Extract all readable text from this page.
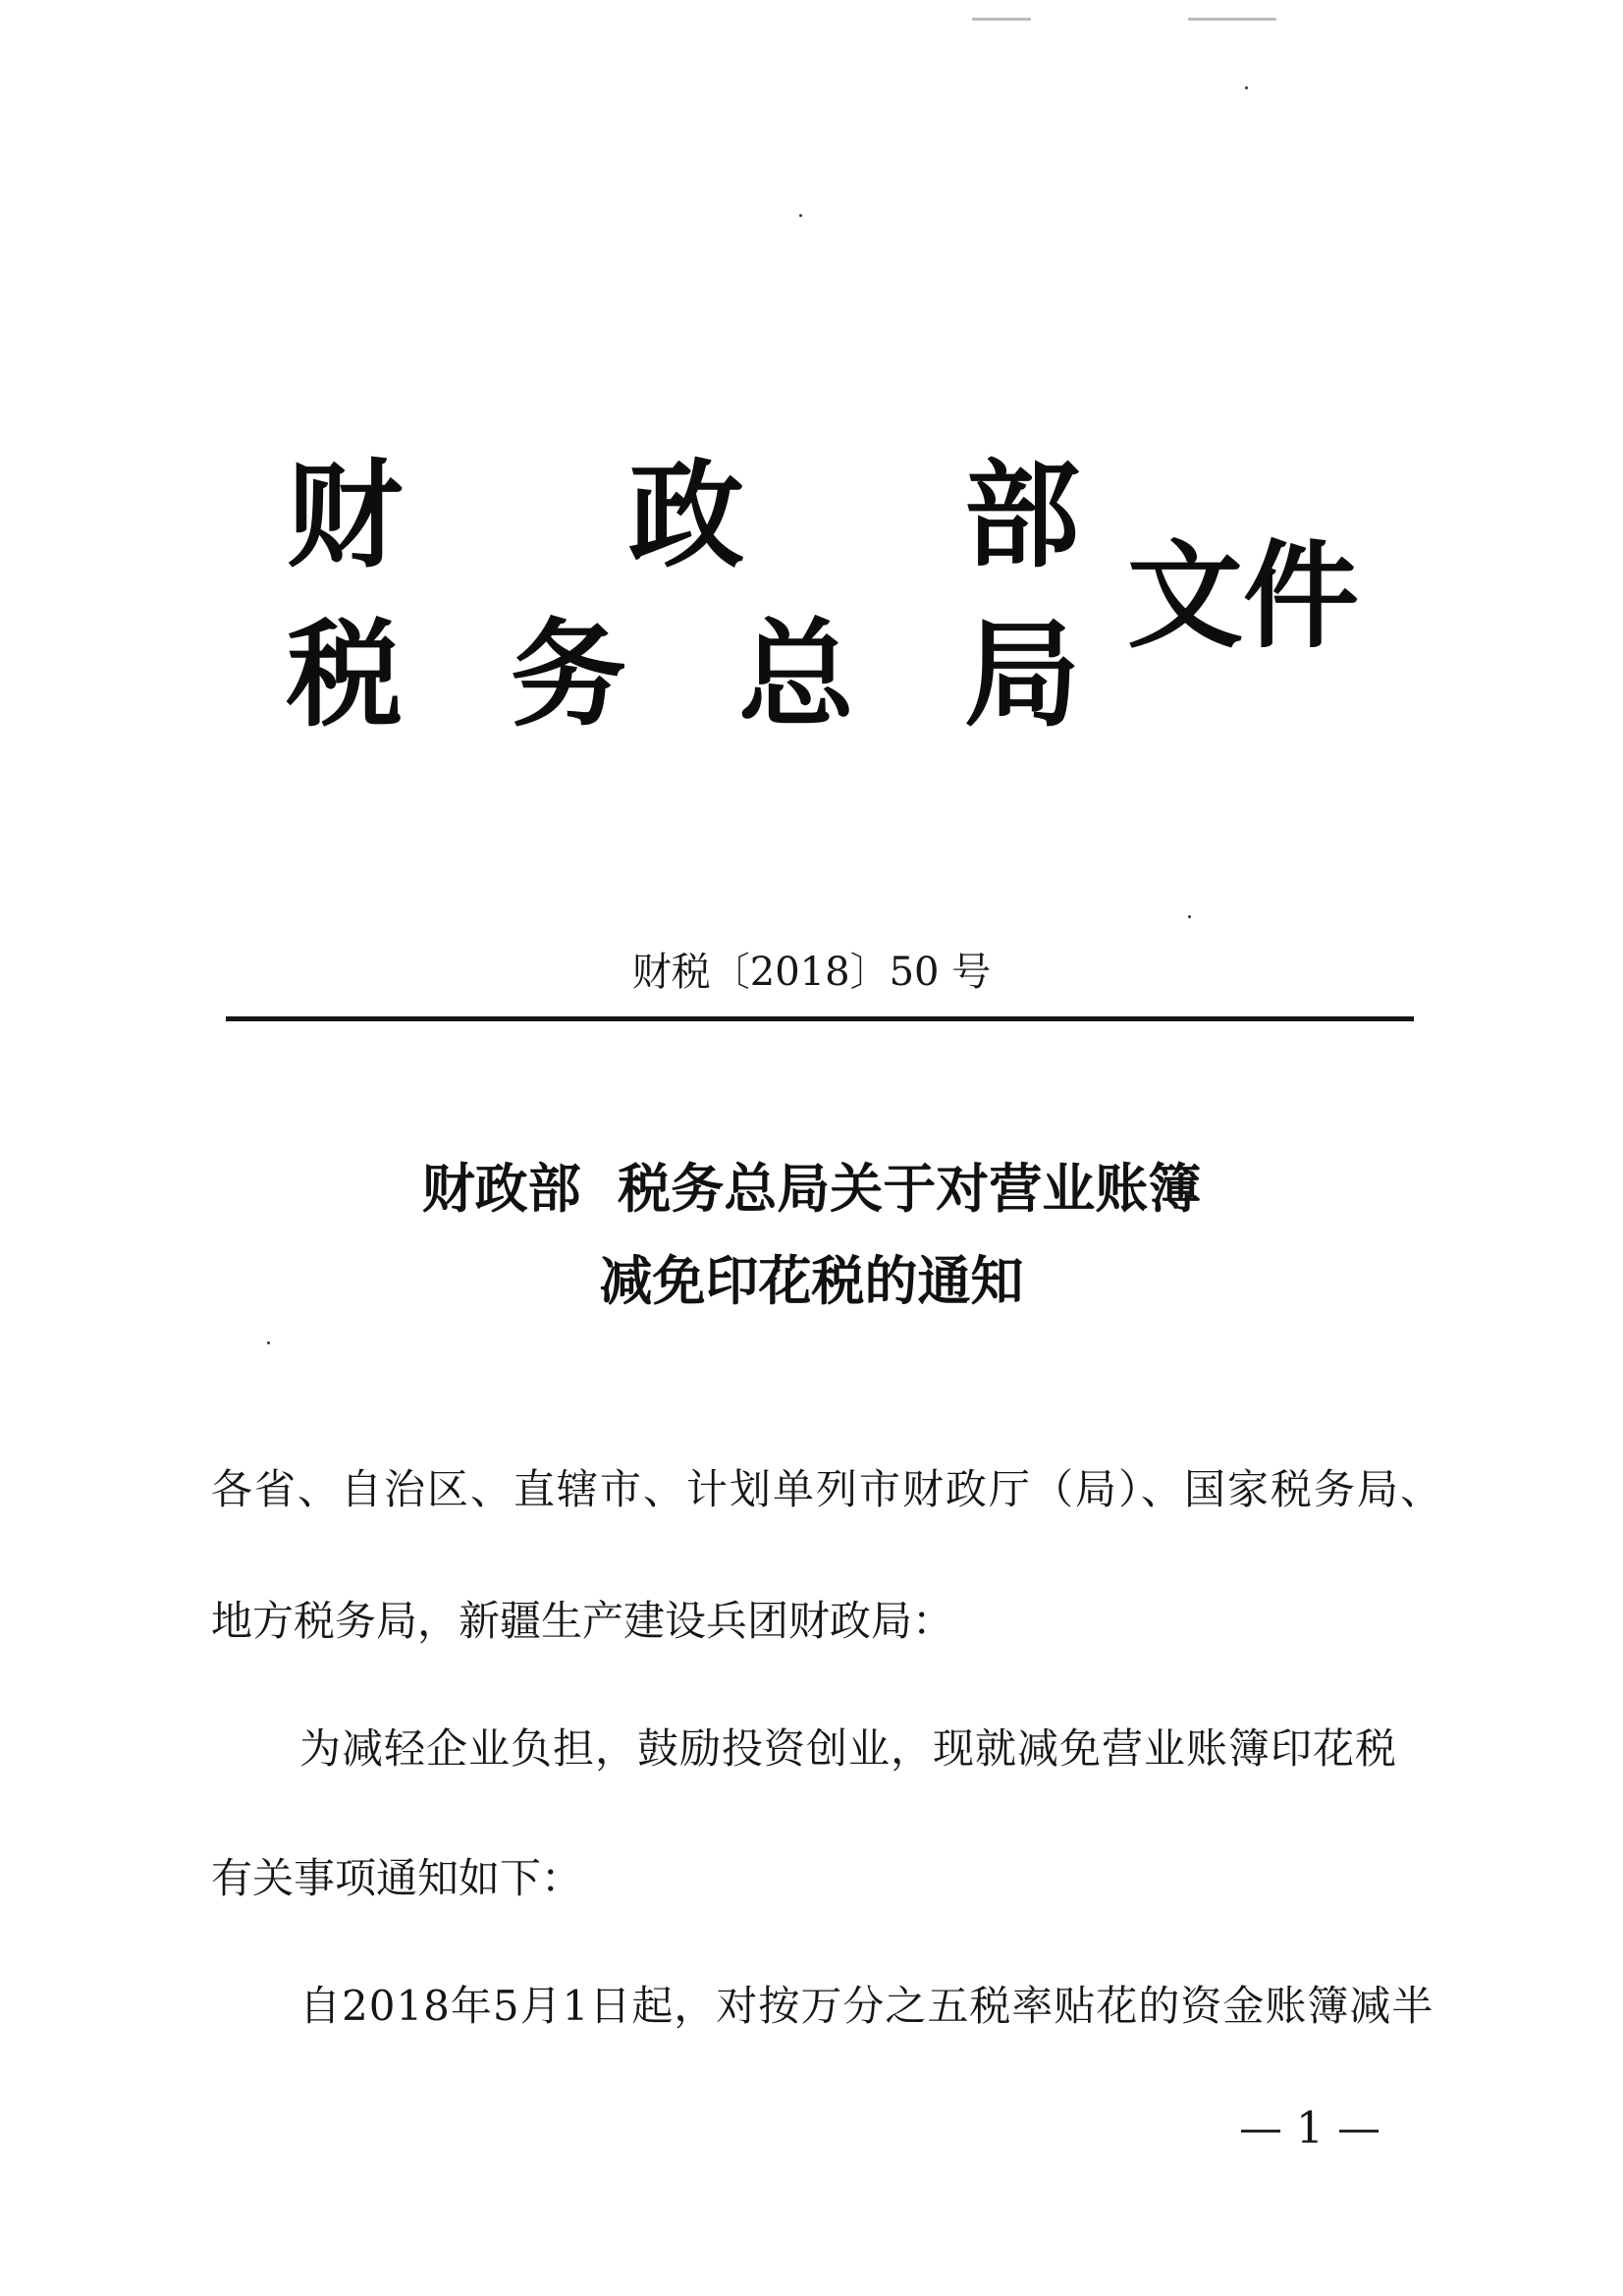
财 政 部
税 务 总 局
文件
财税〔2018〕50 号
财政部  税务总局关于对营业账簿
减免印花税的通知
各省、自治区、直辖市、计划单列市财政厅（局）、国家税务局、
地方税务局，新疆生产建设兵团财政局：
为减轻企业负担，鼓励投资创业，现就减免营业账簿印花税
有关事项通知如下：
自2018年5月1日起，对按万分之五税率贴花的资金账簿减半
— 1 —
